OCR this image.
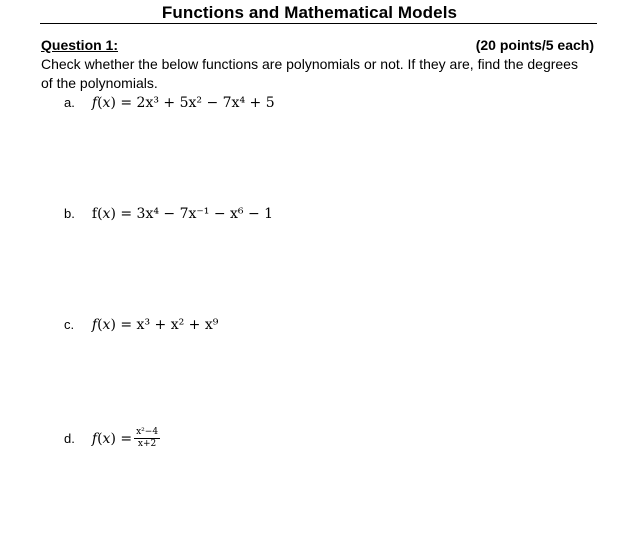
Functions and Mathematical Models
Question 1:	(20 points/5 each)
Check whether the below functions are polynomials or not. If they are, find the degrees of the polynomials.
a. f(x) = 2x³ + 5x² − 7x⁴ + 5
b. f(x) = 3x⁴ − 7x⁻¹ − x⁶ − 1
c. f(x) = x³ + x² + x⁹
d. $f(x) = \frac{\text{x²−4}}{x+2}$
